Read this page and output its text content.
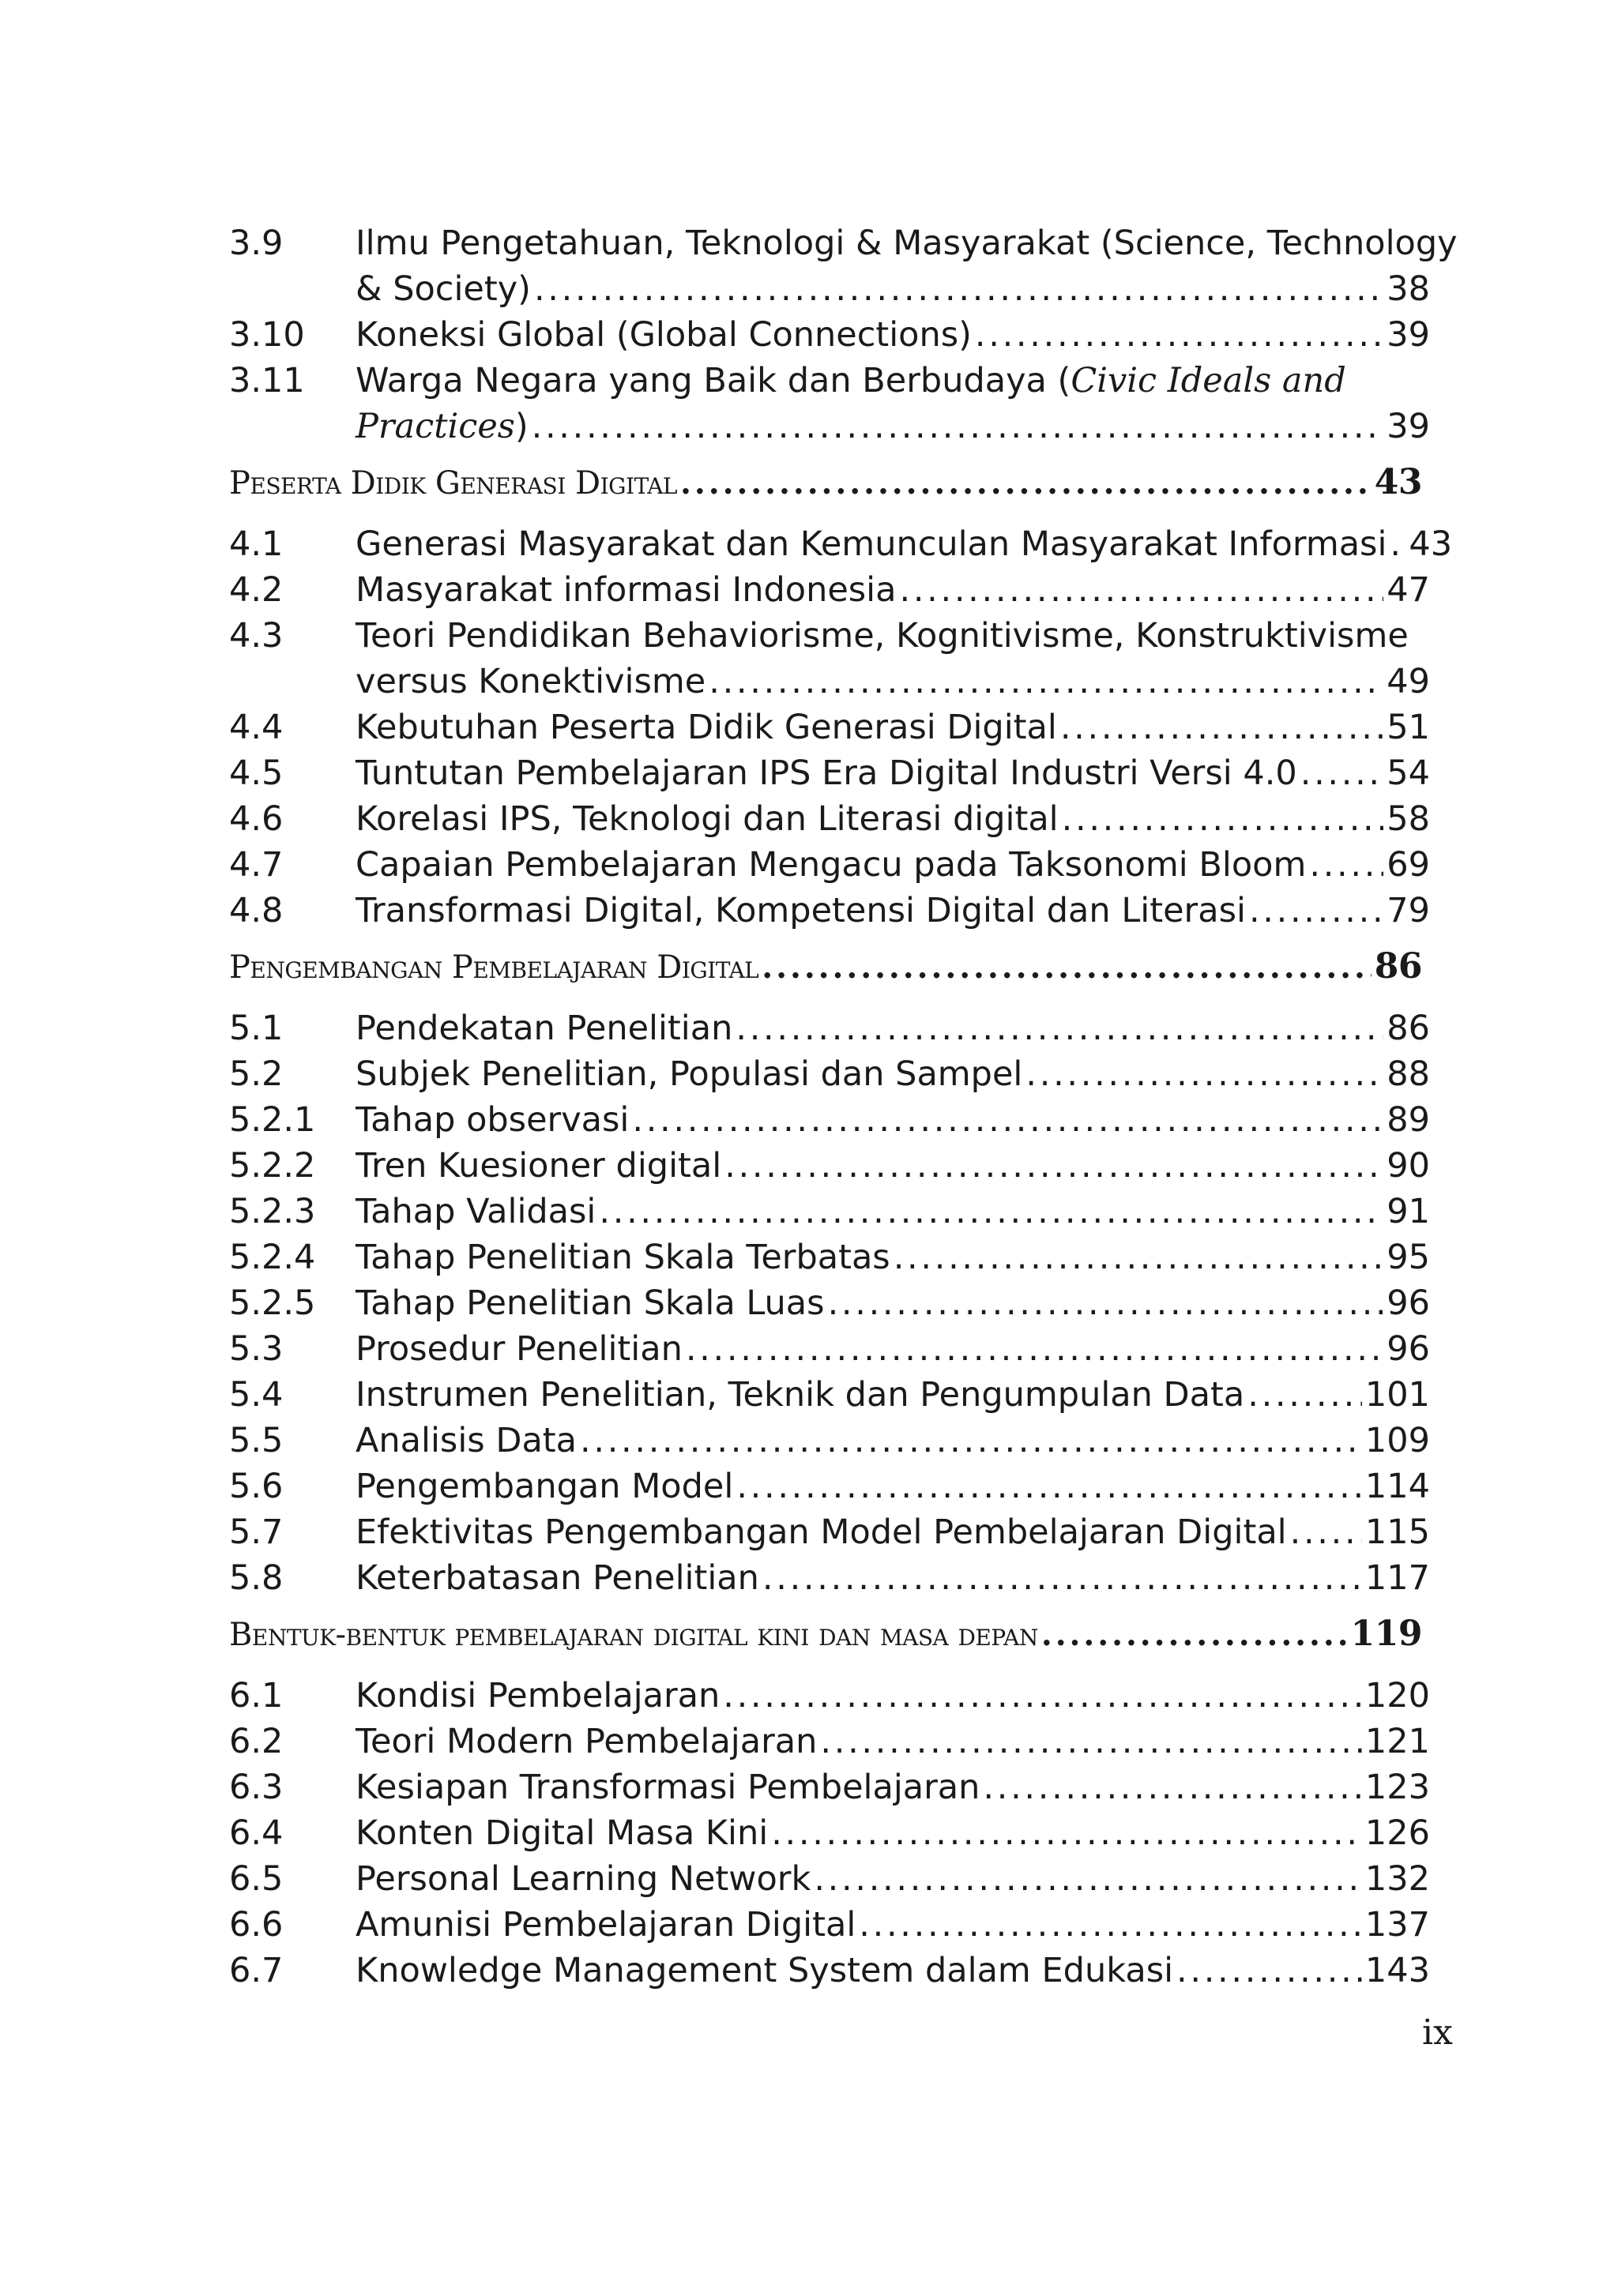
3.9 Ilmu Pengetahuan, Teknologi & Masyarakat (Science, Technology
& Society) . . .	38
3.10 Koneksi Global (Global Connections) . . .	39
3.11 Warga Negara yang Baik dan Berbudaya (Civic Ideals and
Practices ) . . .	39
Peserta Didik Generasi Digital . . .	43
4.1 Generasi Masyarakat dan Kemunculan Masyarakat Informasi . . . 43
4.2 Masyarakat informasi Indonesia . . .	47
4.3 Teori Pendidikan Behaviorisme, Kognitivisme, Konstruktivisme
versus Konektivisme . . .	49
4.4 Kebutuhan Peserta Didik Generasi Digital . . .	51
4.5 Tuntutan Pembelajaran IPS Era Digital Industri Versi 4.0 . . .	54
4.6 Korelasi IPS, Teknologi dan Literasi digital . . .	58
4.7 Capaian Pembelajaran Mengacu pada Taksonomi Bloom . . . 69
4.8 Transformasi Digital, Kompetensi Digital dan Literasi . . .	79
Pengembangan Pembelajaran Digital . . .	86
5.1 Pendekatan Penelitian . . .	86
5.2 Subjek Penelitian, Populasi dan Sampel . . .	88
5.2.1 Tahap observasi . . .	89
5.2.2 Tren Kuesioner digital . . .	90
5.2.3 Tahap Validasi . . .	91
5.2.4 Tahap Penelitian Skala Terbatas . . .	95
5.2.5 Tahap Penelitian Skala Luas . . .	96
5.3 Prosedur Penelitian . . .	96
5.4 Instrumen Penelitian, Teknik dan Pengumpulan Data . . .	101
5.5 Analisis Data . . .	109
5.6 Pengembangan Model . . .	114
5.7 Efektivitas Pengembangan Model Pembelajaran Digital . . . 115
5.8 Keterbatasan Penelitian . . .	117
Bentuk-bentuk pembelajaran digital kini dan masa depan . . .	119
6.1 Kondisi Pembelajaran . . .	120
6.2 Teori Modern Pembelajaran . . .	121
6.3 Kesiapan Transformasi Pembelajaran . . .	123
6.4 Konten Digital Masa Kini . . .	126
6.5 Personal Learning Network . . .	132
6.6 Amunisi Pembelajaran Digital . . .	137
6.7 Knowledge Management System dalam Edukasi . . .	143
ix
